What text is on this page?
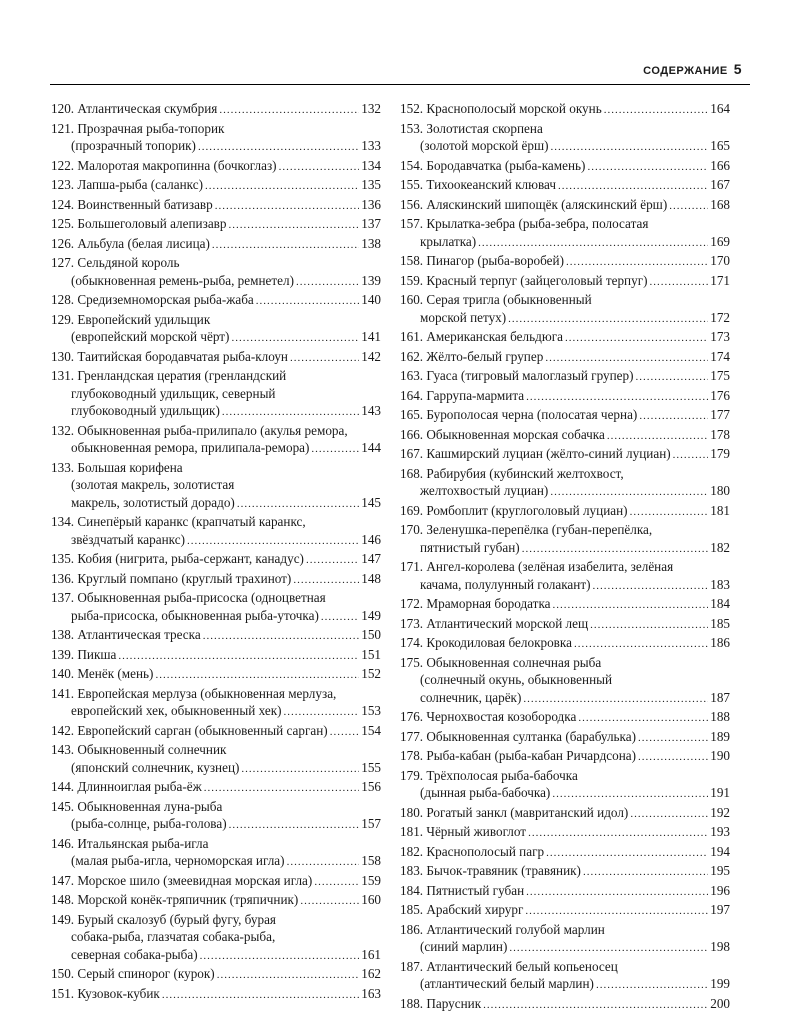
СОДЕРЖАНИЕ 5
120. Атлантическая скумбрия .....	132
121. Прозрачная рыба-топорик
(прозрачный топорик) .....	133
122. Малоротая макропинна (бочкоглаз) .....	134
123. Лапша-рыба (саланкс) .....	135
124. Воинственный батизавр .....	136
125. Большеголовый алепизавр .....	137
126. Альбула (белая лисица) .....	138
127. Сельдяной король
(обыкновенная ремень-рыба, ремнетел) .....	139
128. Средиземноморская рыба-жаба .....	140
129. Европейский удильщик
(европейский морской чёрт) .....	141
130. Таитийская бородавчатая рыба-клоун .....	142
131. Гренландская цератия (гренландский
глубоководный удильщик, северный
глубоководный удильщик) .....	143
132. Обыкновенная рыба-прилипало (акулья ремора,
обыкновенная ремора, прилипала-ремора) .....	144
133. Большая корифена
(золотая макрель, золотистая
макрель, золотистый дорадо) .....	145
134. Синепёрый каранкс (крапчатый каранкс,
звёздчатый каранкс) .....	146
135. Кобия (нигрита, рыба-сержант, канадус) .....	147
136. Круглый помпано (круглый трахинот) .....	148
137. Обыкновенная рыба-присоска (одноцветная
рыба-присоска, обыкновенная рыба-уточка) .....	149
138. Атлантическая треска .....	150
139. Пикша .....	151
140. Менёк (мень) .....	152
141. Европейская мерлуза (обыкновенная мерлуза,
европейский хек, обыкновенный хек) .....	153
142. Европейский сарган (обыкновенный сарган) .....	154
143. Обыкновенный солнечник
(японский солнечник, кузнец) .....	155
144. Длинноиглая рыба-ёж .....	156
145. Обыкновенная луна-рыба
(рыба-солнце, рыба-голова) .....	157
146. Итальянская рыба-игла
(малая рыба-игла, черноморская игла) .....	158
147. Морское шило (змеевидная морская игла) .....	159
148. Морской конёк-тряпичник (тряпичник) .....	160
149. Бурый скалозуб (бурый фугу, бурая
собака-рыба, глазчатая собака-рыба,
северная собака-рыба) .....	161
150. Серый спинорог (курок) .....	162
151. Кузовок-кубик .....	163
152. Краснополосый морской окунь .....	164
153. Золотистая скорпена
(золотой морской ёрш) .....	165
154. Бородавчатка (рыба-камень) .....	166
155. Тихоокеанский клювач .....	167
156. Аляскинский шипощёк (аляскинский ёрш) .....	168
157. Крылатка-зебра (рыба-зебра, полосатая
крылатка) .....	169
158. Пинагор (рыба-воробей) .....	170
159. Красный терпуг (зайцеголовый терпуг) .....	171
160. Серая тригла (обыкновенный
морской петух) .....	172
161. Американская бельдюга .....	173
162. Жёлто-белый групер .....	174
163. Гуаса (тигровый малоглазый групер) .....	175
164. Гаррупа-мармита .....	176
165. Бурополосая черна (полосатая черна) .....	177
166. Обыкновенная морская собачка .....	178
167. Кашмирский луциан (жёлто-синий луциан) .....	179
168. Рабирубия (кубинский желтохвост,
желтохвостый луциан) .....	180
169. Ромбоплит (круглоголовый луциан) .....	181
170. Зеленушка-перепёлка (губан-перепёлка,
пятнистый губан) .....	182
171. Ангел-королева (зелёная изабелита, зелёная
качама, полулунный голакант) .....	183
172. Мраморная бородатка .....	184
173. Атлантический морской лещ .....	185
174. Крокодиловая белокровка .....	186
175. Обыкновенная солнечная рыба
(солнечный окунь, обыкновенный
солнечник, царёк) .....	187
176. Чернохвостая козобородка .....	188
177. Обыкновенная султанка (барабулька) .....	189
178. Рыба-кабан (рыба-кабан Ричардсона) .....	190
179. Трёхполосая рыба-бабочка
(дынная рыба-бабочка) .....	191
180. Рогатый занкл (мавританский идол) .....	192
181. Чёрный живоглот .....	193
182. Краснополосый пагр .....	194
183. Бычок-травяник (травяник) .....	195
184. Пятнистый губан .....	196
185. Арабский хирург .....	197
186. Атлантический голубой марлин
(синий марлин) .....	198
187. Атлантический белый копьеносец
(атлантический белый марлин) .....	199
188. Парусник .....	200
